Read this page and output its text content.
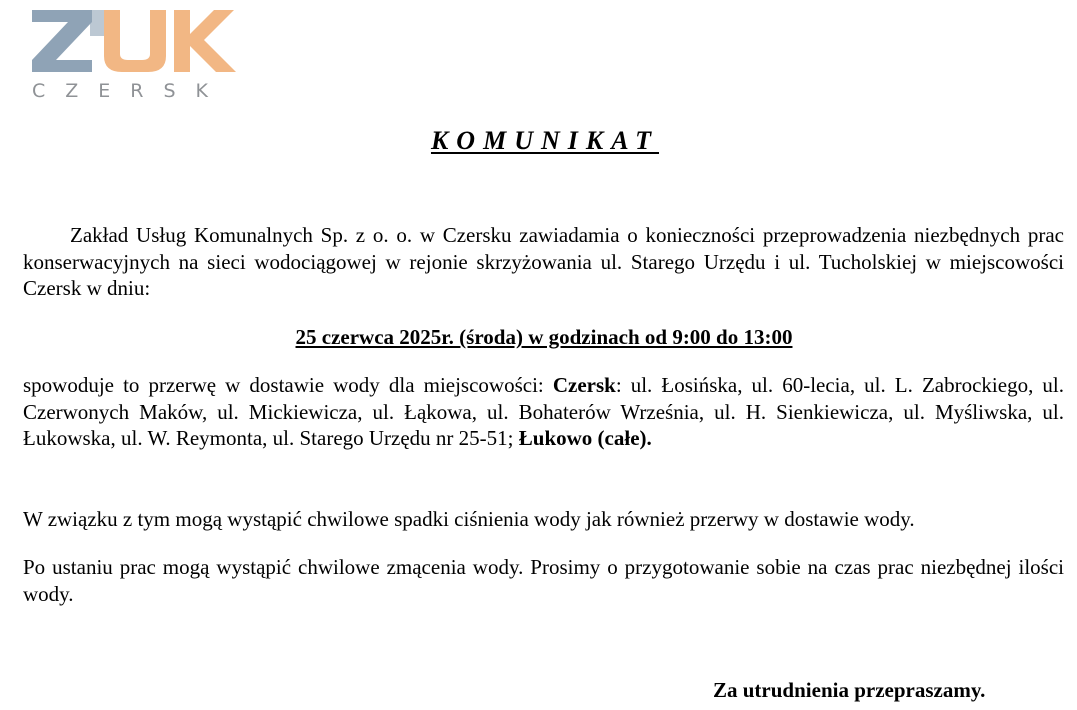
CZERSK
KOMUNIKAT

Zakład Usług Komunalnych Sp. z o. o. w Czersku zawiadamia o konieczności przeprowadzenia niezbędnych prac konserwacyjnych na sieci wodociągowej w rejonie skrzyżowania ul. Starego Urzędu i ul. Tucholskiej w miejscowości Czersk w dniu:

25 czerwca 2025r. (środa) w godzinach od 9:00 do 13:00

spowoduje to przerwę w dostawie wody dla miejscowości: Czersk: ul. Łosińska, ul. 60-lecia, ul. L. Zabrockiego, ul. Czerwonych Maków, ul. Mickiewicza, ul. Łąkowa, ul. Bohaterów Września, ul. H. Sienkiewicza, ul. Myśliwska, ul. Łukowska, ul. W. Reymonta, ul. Starego Urzędu nr 25-51; Łukowo (całe).

W związku z tym mogą wystąpić chwilowe spadki ciśnienia wody jak również przerwy w dostawie wody.

Po ustaniu prac mogą wystąpić chwilowe zmącenia wody. Prosimy o przygotowanie sobie na czas prac niezbędnej ilości wody.

Za utrudnienia przepraszamy.
